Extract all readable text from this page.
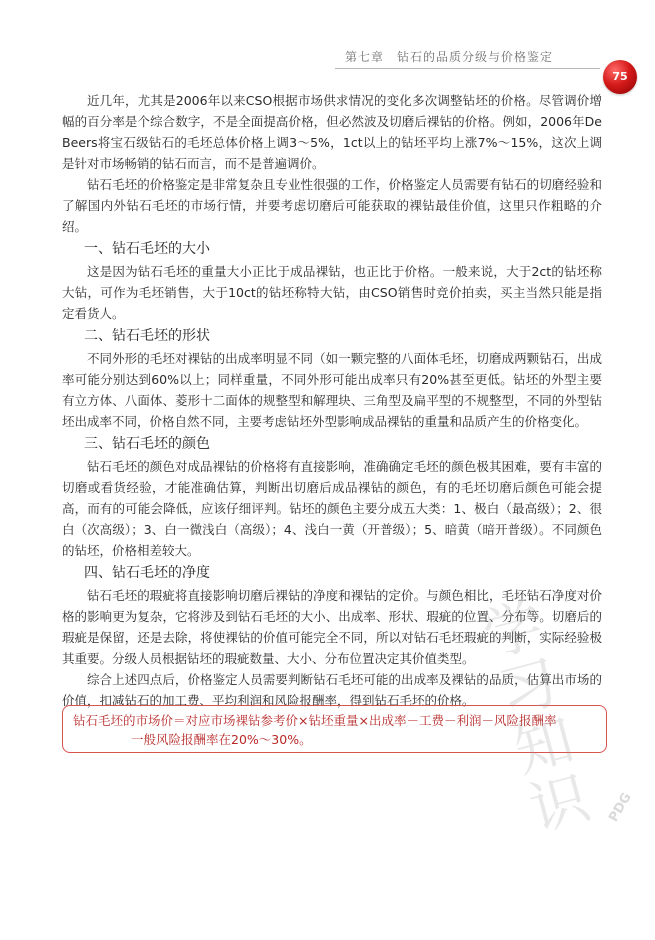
第七章　钻石的品质分级与价格鉴定
75

近几年，尤其是2006年以来CSO根据市场供求情况的变化多次调整钻坯的价格。尽管调价增幅的百分率是个综合数字，不是全面提高价格，但必然波及切磨后裸钻的价格。例如，2006年De Beers将宝石级钻石的毛坯总体价格上调3～5%，1ct以上的钻坯平均上涨7%～15%，这次上调是针对市场畅销的钻石而言，而不是普遍调价。

钻石毛坯的价格鉴定是非常复杂且专业性很强的工作，价格鉴定人员需要有钻石的切磨经验和了解国内外钻石毛坯的市场行情，并要考虑切磨后可能获取的裸钻最佳价值，这里只作粗略的介绍。

一、钻石毛坯的大小

这是因为钻石毛坯的重量大小正比于成品裸钻，也正比于价格。一般来说，大于2ct的钻坯称大钻，可作为毛坯销售，大于10ct的钻坯称特大钻，由CSO销售时竞价拍卖，买主当然只能是指定看货人。

二、钻石毛坯的形状

不同外形的毛坯对裸钻的出成率明显不同（如一颗完整的八面体毛坯，切磨成两颗钻石，出成率可能分别达到60%以上；同样重量，不同外形可能出成率只有20%甚至更低。钻坯的外型主要有立方体、八面体、菱形十二面体的规整型和解理块、三角型及扁平型的不规整型，不同的外型钻坯出成率不同，价格自然不同，主要考虑钻坯外型影响成品裸钻的重量和品质产生的价格变化。

三、钻石毛坯的颜色

钻石毛坯的颜色对成品裸钻的价格将有直接影响，准确确定毛坯的颜色极其困难，要有丰富的切磨或看货经验，才能准确估算，判断出切磨后成品裸钻的颜色，有的毛坯切磨后颜色可能会提高，而有的可能会降低，应该仔细评判。钻坯的颜色主要分成五大类：1、极白（最高级）；2、很白（次高级）；3、白一微浅白（高级）；4、浅白一黄（开普级）；5、暗黄（暗开普级）。不同颜色的钻坯，价格相差较大。

四、钻石毛坯的净度

钻石毛坯的瑕疵将直接影响切磨后裸钻的净度和裸钻的定价。与颜色相比，毛坯钻石净度对价格的影响更为复杂，它将涉及到钻石毛坯的大小、出成率、形状、瑕疵的位置、分布等。切磨后的瑕疵是保留，还是去除，将使裸钻的价值可能完全不同，所以对钻石毛坯瑕疵的判断，实际经验极其重要。分级人员根据钻坯的瑕疵数量、大小、分布位置决定其价值类型。

综合上述四点后，价格鉴定人员需要判断钻石毛坯可能的出成率及裸钻的品质，估算出市场的价值，扣减钻石的加工费、平均利润和风险报酬率，得到钻石毛坯的价格。

钻石毛坯的市场价＝对应市场裸钻参考价×钻坯重量×出成率－工费－利润－风险报酬率
一般风险报酬率在20%～30%。
学
习
知
识 PDG
